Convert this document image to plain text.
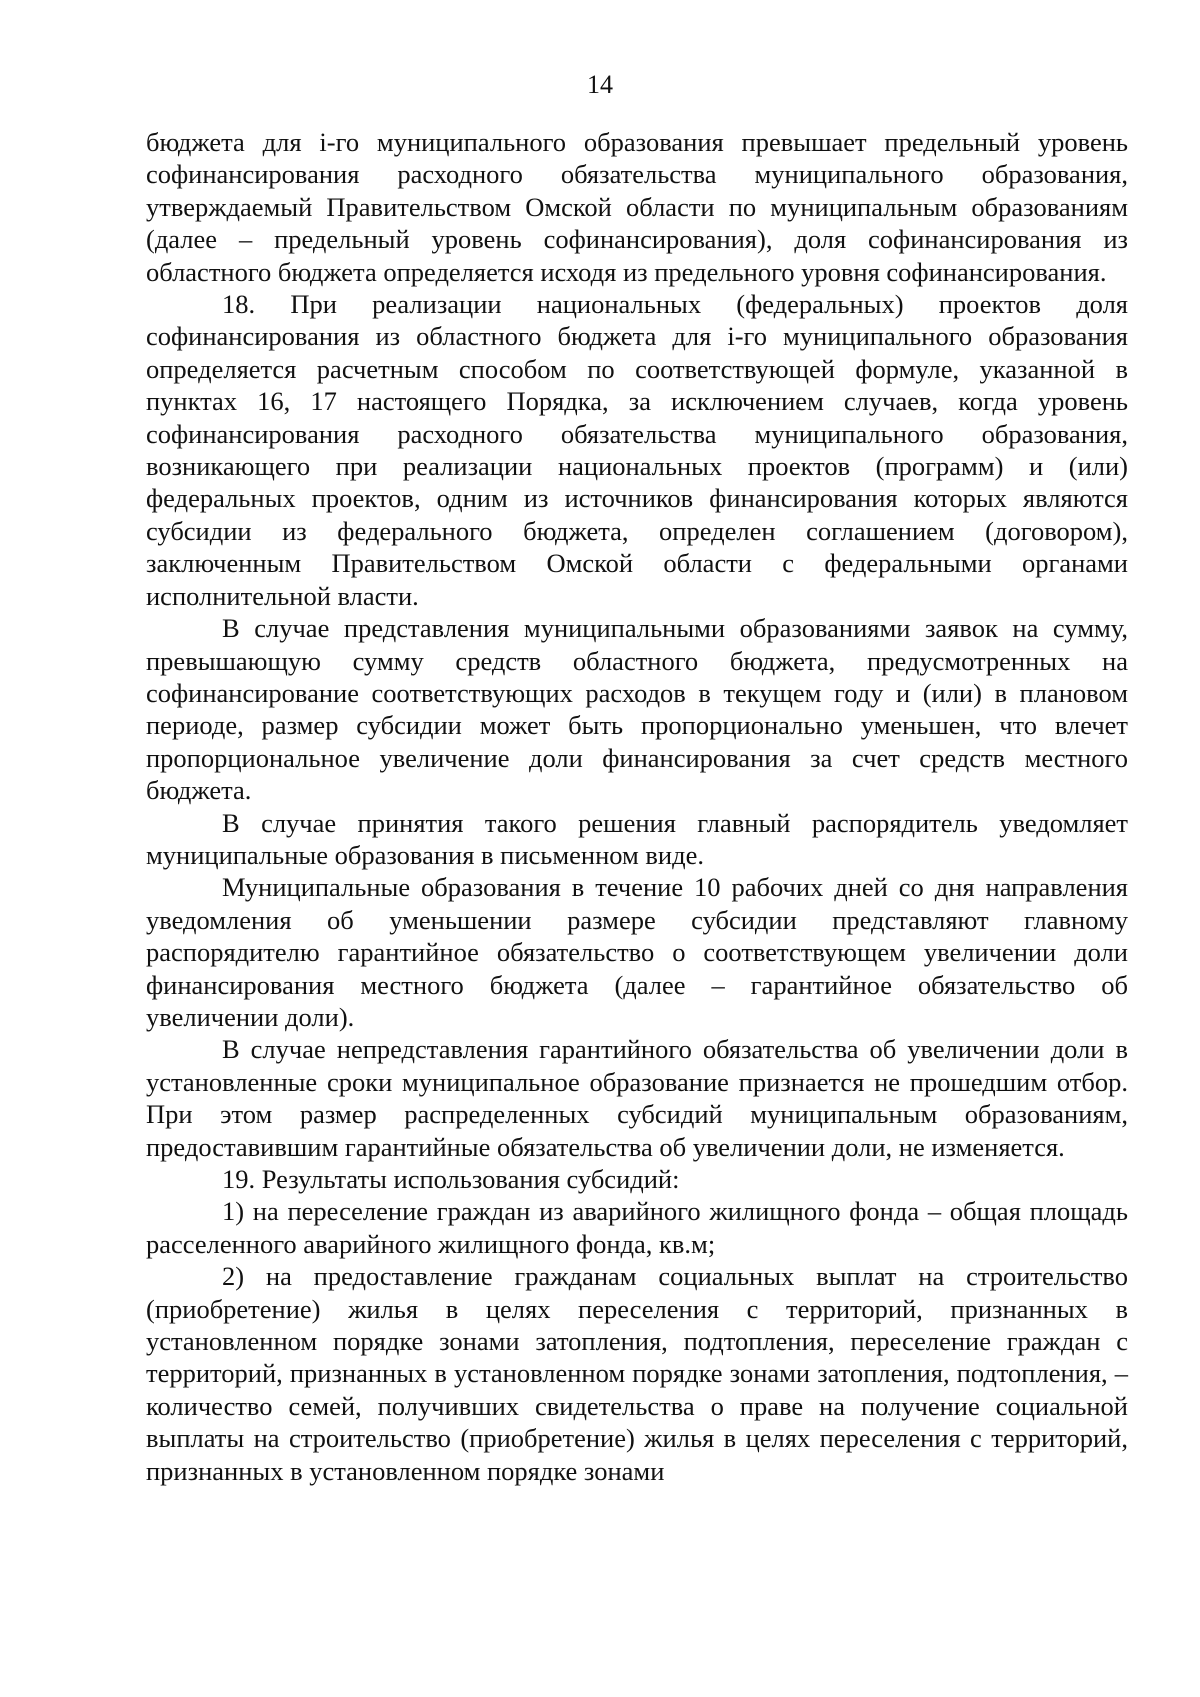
14

бюджета для i-го муниципального образования превышает предельный уровень софинансирования расходного обязательства муниципального образования, утверждаемый Правительством Омской области по муниципальным образованиям (далее – предельный уровень софинансирования), доля софинансирования из областного бюджета определяется исходя из предельного уровня софинансирования.

18. При реализации национальных (федеральных) проектов доля софинансирования из областного бюджета для i-го муниципального образования определяется расчетным способом по соответствующей формуле, указанной в пунктах 16, 17 настоящего Порядка, за исключением случаев, когда уровень софинансирования расходного обязательства муниципального образования, возникающего при реализации национальных проектов (программ) и (или) федеральных проектов, одним из источников финансирования которых являются субсидии из федерального бюджета, определен соглашением (договором), заключенным Правительством Омской области с федеральными органами исполнительной власти.

В случае представления муниципальными образованиями заявок на сумму, превышающую сумму средств областного бюджета, предусмотренных на софинансирование соответствующих расходов в текущем году и (или) в плановом периоде, размер субсидии может быть пропорционально уменьшен, что влечет пропорциональное увеличение доли финансирования за счет средств местного бюджета.

В случае принятия такого решения главный распорядитель уведомляет муниципальные образования в письменном виде.

Муниципальные образования в течение 10 рабочих дней со дня направления уведомления об уменьшении размере субсидии представляют главному распорядителю гарантийное обязательство о соответствующем увеличении доли финансирования местного бюджета (далее – гарантийное обязательство об увеличении доли).

В случае непредставления гарантийного обязательства об увеличении доли в установленные сроки муниципальное образование признается не прошедшим отбор. При этом размер распределенных субсидий муниципальным образованиям, предоставившим гарантийные обязательства об увеличении доли, не изменяется.

19. Результаты использования субсидий:

1) на переселение граждан из аварийного жилищного фонда – общая площадь расселенного аварийного жилищного фонда, кв.м;

2) на предоставление гражданам социальных выплат на строительство (приобретение) жилья в целях переселения с территорий, признанных в установленном порядке зонами затопления, подтопления, переселение граждан с территорий, признанных в установленном порядке зонами затопления, подтопления, – количество семей, получивших свидетельства о праве на получение социальной выплаты на строительство (приобретение) жилья в целях переселения с территорий, признанных в установленном порядке зонами
